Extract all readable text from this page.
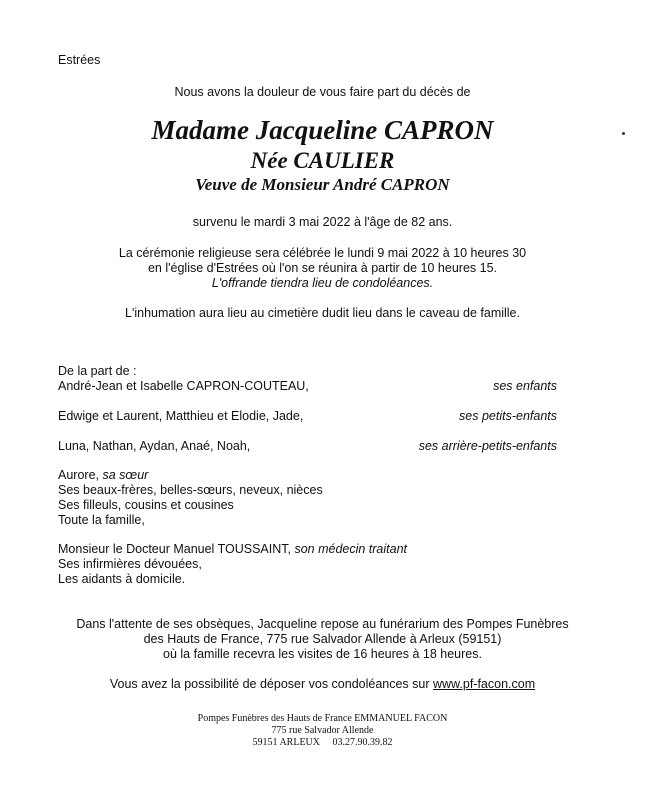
Estrées
Nous avons la douleur de vous faire part du décès de
Madame Jacqueline CAPRON
Née CAULIER
Veuve de Monsieur André CAPRON
survenu le mardi 3 mai 2022 à l'âge de 82 ans.
La cérémonie religieuse sera célébrée le lundi 9 mai 2022 à 10 heures 30
en l'église d'Estrées où l'on se réunira à partir de 10 heures 15.
L'offrande tiendra lieu de condoléances.
L'inhumation aura lieu au cimetière dudit lieu dans le caveau de famille.
De la part de :
André-Jean et Isabelle CAPRON-COUTEAU,	ses enfants
Edwige et Laurent, Matthieu et Elodie, Jade,	ses petits-enfants
Luna, Nathan, Aydan, Anaé, Noah,	ses arrière-petits-enfants
Aurore, sa sœur
Ses beaux-frères, belles-sœurs, neveux, nièces
Ses filleuls, cousins et cousines
Toute la famille,
Monsieur le Docteur Manuel TOUSSAINT, son médecin traitant
Ses infirmières dévouées,
Les aidants à domicile.
Dans l'attente de ses obsèques, Jacqueline repose au funérarium des Pompes Funèbres
des Hauts de France, 775 rue Salvador Allende à Arleux (59151)
où la famille recevra les visites de 16 heures à 18 heures.
Vous avez la possibilité de déposer vos condoléances sur www.pf-facon.com
Pompes Funèbres des Hauts de France EMMANUEL FACON
775 rue Salvador Allende
59151 ARLEUX 03.27.90.39.82
